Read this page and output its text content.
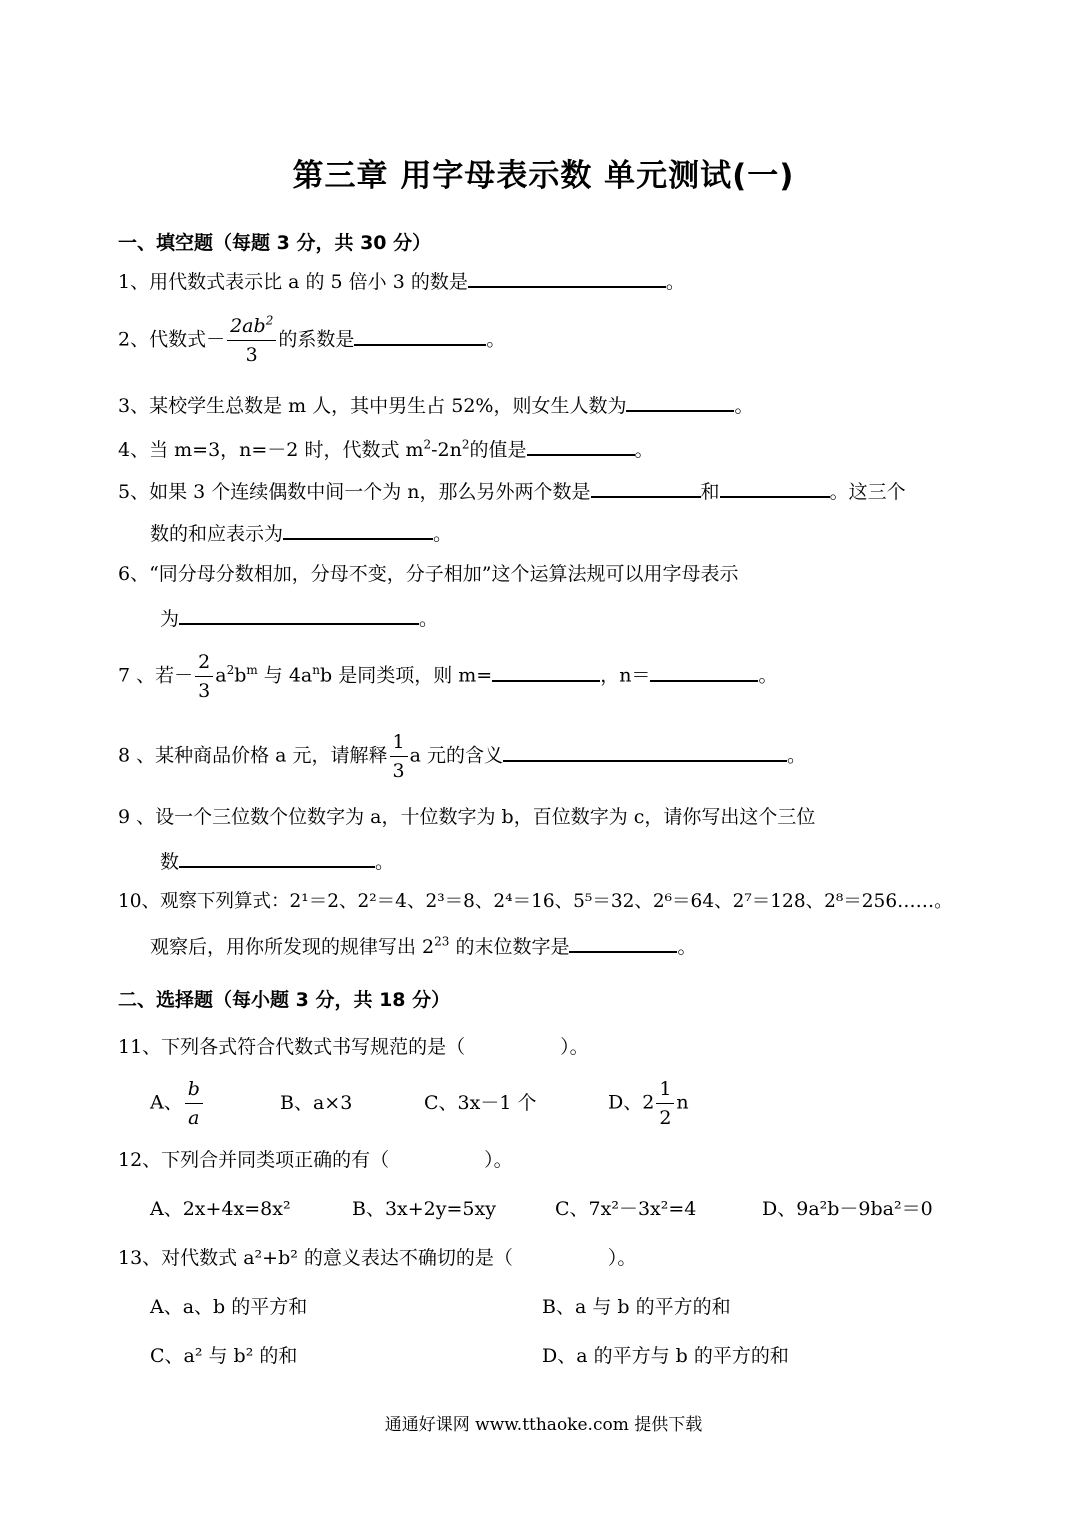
第三章 用字母表示数 单元测试(一)
一、填空题（每题 3 分，共 30 分）
1、用代数式表示比 a 的 5 倍小 3 的数是	。
2、代数式－ $\frac{2ab^2}{3}$ 的系数是	。
3、某校学生总数是 m 人，其中男生占 52%，则女生人数为	。
4、当 m=3，n=－2 时，代数式 $m^2-2n^2$的值是	。
5、如果 3 个连续偶数中间一个为 n，那么另外两个数是	和	。这三个
数的和应表示为	。
6、“同分母分数相加，分母不变，分子相加”这个运算法规可以用字母表示
为	。
7 、若－ $\frac{2}{3} a^2b^m$ 与 $4a^nb$ 是同类项，则 m=	，n＝	。
8 、某种商品价格 a 元，请解释 $\frac{1}{3}$ a 元的含义	。
9 、设一个三位数个位数字为 a，十位数字为 b，百位数字为 c，请你写出这个三位
数	。
10、观察下列算式：2¹＝2、2²＝4、2³＝8、2⁴＝16、5⁵＝32、2⁶＝64、2⁷＝128、2⁸＝256……。
观察后，用你所发现的规律写出 $2^{23}$ 的末位数字是	。
二、选择题（每小题 3 分，共 18 分）
11、下列各式符合代数式书写规范的是（　　　　　）。
A、 $\frac{b}{a}$	B、a×3	C、3x－1 个	D、$2 \frac{1}{2}$ n
12、下列合并同类项正确的有（　　　　　）。
A、2x+4x=8x²	B、3x+2y=5xy	C、7x²－3x²=4	D、9a²b－9ba²＝0
13、对代数式 a²+b² 的意义表达不确切的是（　　　　　）。
A、a、b 的平方和	B、a 与 b 的平方的和
C、a² 与 b² 的和	D、a 的平方与 b 的平方的和
通通好课网 www.tthaoke.com 提供下载
